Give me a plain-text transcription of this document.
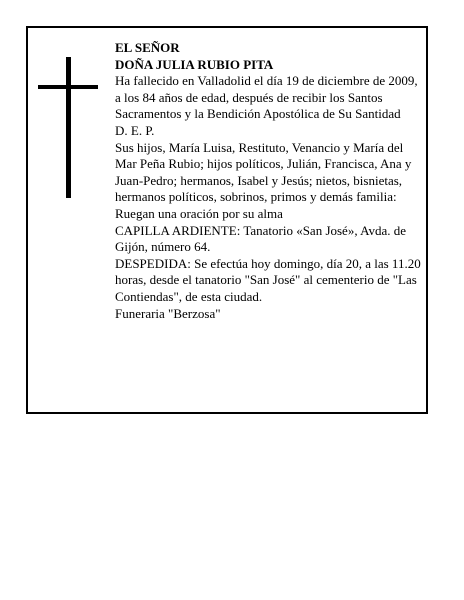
EL SEÑOR

DOÑA JULIA RUBIO PITA

Ha fallecido en Valladolid el día 19 de diciembre de 2009, a los 84 años de edad, después de recibir los Santos Sacramentos y la Bendición Apostólica de Su Santidad

D. E. P.

Sus hijos, María Luisa, Restituto, Venancio y María del Mar Peña Rubio; hijos políticos, Julián, Francisca, Ana y Juan-Pedro; hermanos, Isabel y Jesús; nietos, bisnietas, hermanos políticos, sobrinos, primos y demás familia:

Ruegan una oración por su alma

CAPILLA ARDIENTE: Tanatorio «San José», Avda. de Gijón, número 64.

DESPEDIDA: Se efectúa hoy domingo, día 20, a las 11.20 horas, desde el tanatorio "San José" al cementerio de "Las Contiendas", de esta ciudad.

Funeraria "Berzosa"
